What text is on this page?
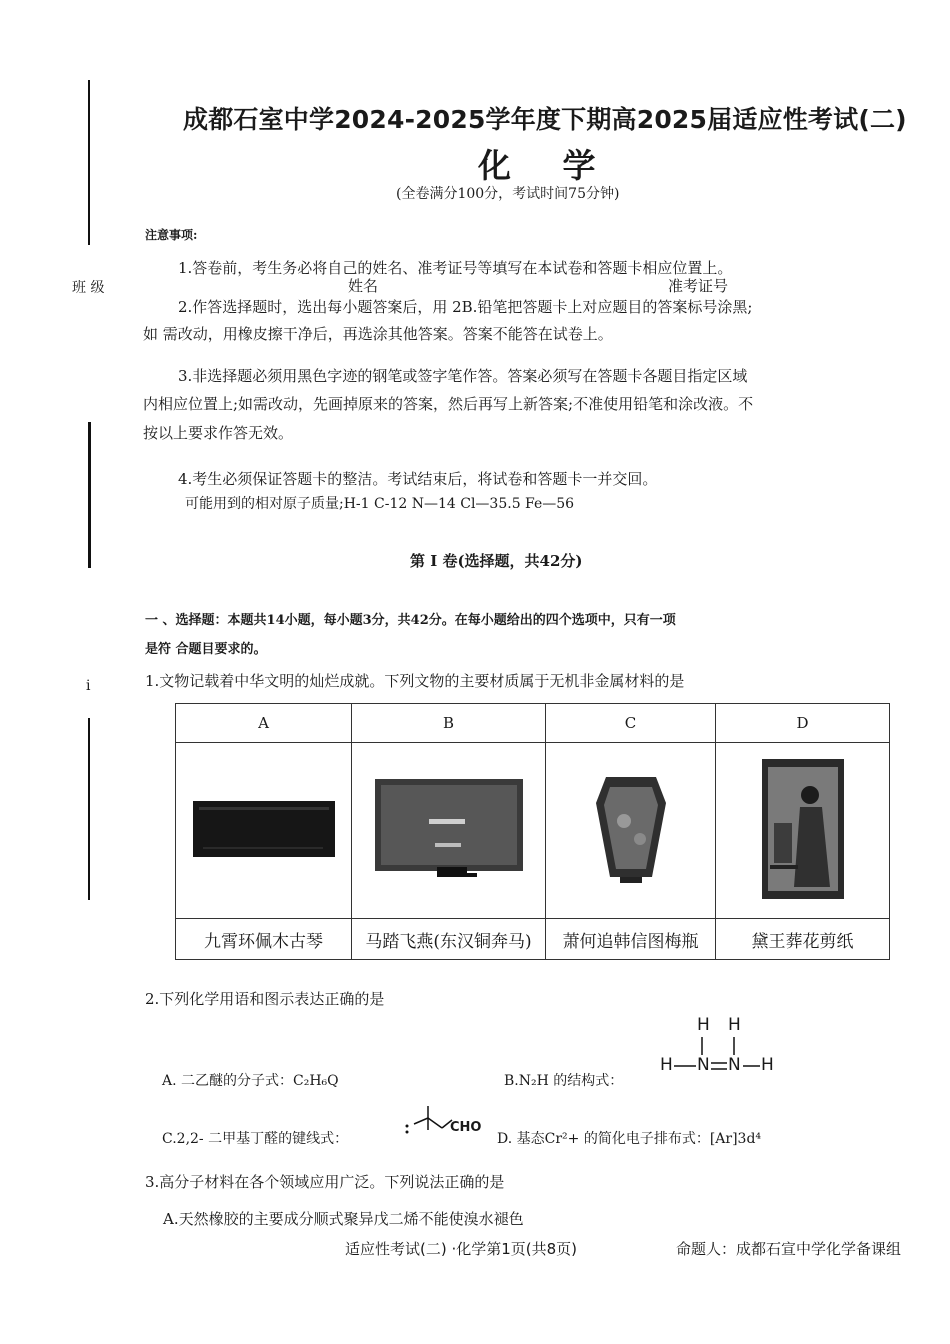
班 级
i
成都石室中学2024-2025学年度下期高2025届适应性考试(二)
化 学
(全卷满分100分，考试时间75分钟)
注意事项:
1.答卷前，考生务必将自己的姓名、准考证号等填写在本试卷和答题卡相应位置上。
姓名	准考证号
2.作答选择题时，选出每小题答案后，用 2B.铅笔把答题卡上对应题目的答案标号涂黑;
如 需改动，用橡皮擦干净后，再选涂其他答案。答案不能答在试卷上。
3.非选择题必须用黑色字迹的钢笔或签字笔作答。答案必须写在答题卡各题目指定区域
内相应位置上;如需改动，先画掉原来的答案，然后再写上新答案;不准使用铅笔和涂改液。不
按以上要求作答无效。
4.考生必须保证答题卡的整洁。考试结束后，将试卷和答题卡一并交回。
可能用到的相对原子质量;H-1 C-12 N—14 Cl—35.5 Fe—56
第 I 卷(选择题，共42分)
一 、选择题：本题共14小题，每小题3分，共42分。在每小题给出的四个选项中，只有一项
是符 合题目要求的。
1.文物记载着中华文明的灿烂成就。下列文物的主要材质属于无机非金属材料的是
A	B	C	D

九霄环佩木古琴	马踏飞燕(东汉铜奔马)	萧何追韩信图梅瓶	黛王葬花剪纸
2.下列化学用语和图示表达正确的是
A. 二乙醚的分子式：C₂H₆Q	B.N₂H 的结构式：
H H
H N N H
C.2,2- 二甲基丁醛的键线式：
CHO
D. 基态Cr²+ 的简化电子排布式：[Ar]3d⁴
3.高分子材料在各个领域应用广泛。下列说法正确的是
A.天然橡胶的主要成分顺式聚异戊二烯不能使溴水褪色
适应性考试(二) ·化学第1页(共8页)	命题人：成都石宣中学化学备课组
